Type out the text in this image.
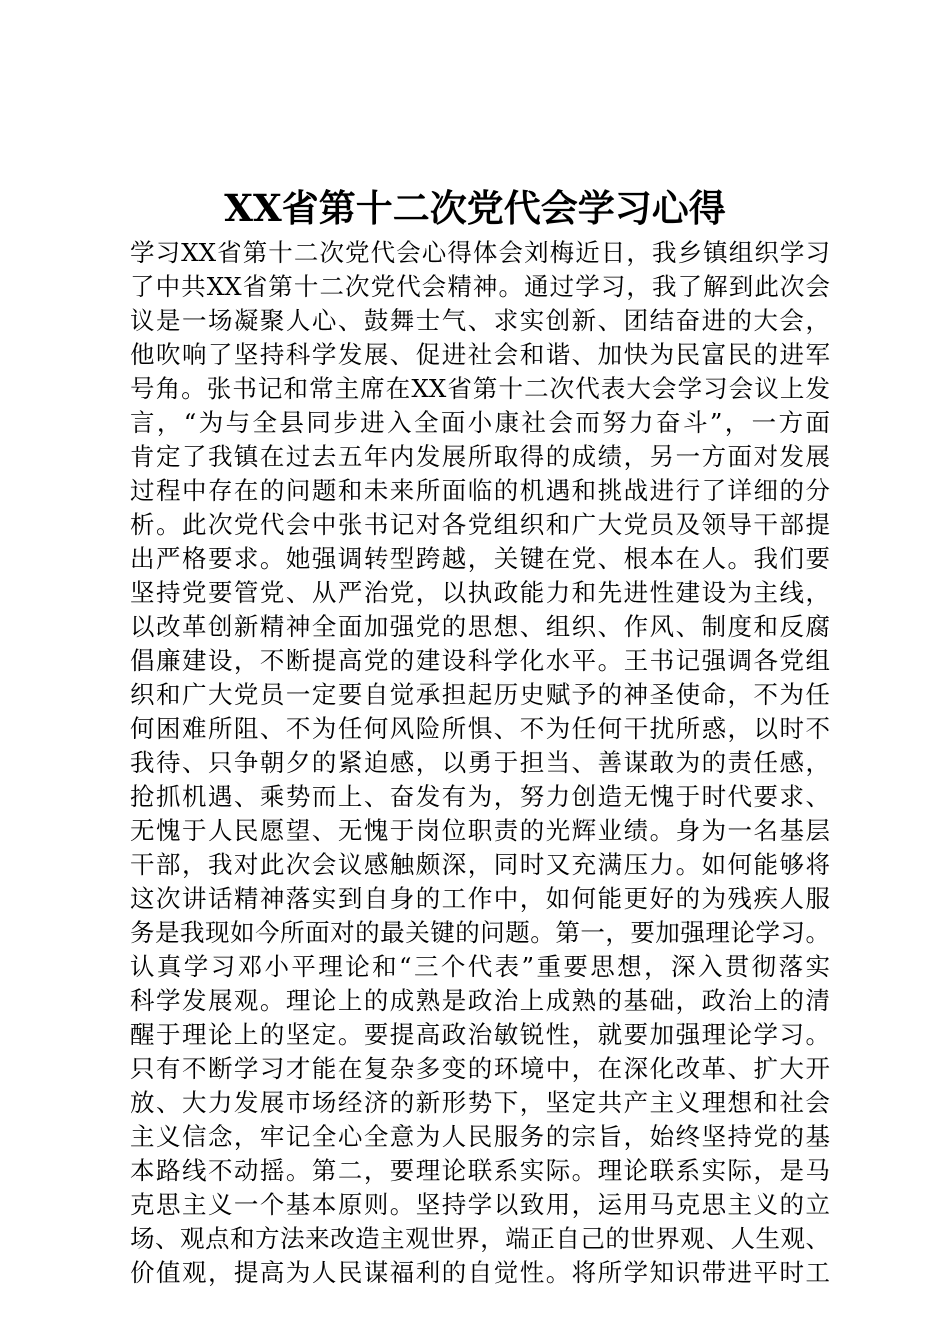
XX省第十二次党代会学习心得
学习XX省第十二次党代会心得体会刘梅近日，我乡镇组织学习
了中共XX省第十二次党代会精神。通过学习，我了解到此次会
议是一场凝聚人心、鼓舞士气、求实创新、团结奋进的大会，
他吹响了坚持科学发展、促进社会和谐、加快为民富民的进军
号角。张书记和常主席在XX省第十二次代表大会学习会议上发
言，“为与全县同步进入全面小康社会而努力奋斗”，一方面
肯定了我镇在过去五年内发展所取得的成绩，另一方面对发展
过程中存在的问题和未来所面临的机遇和挑战进行了详细的分
析。此次党代会中张书记对各党组织和广大党员及领导干部提
出严格要求。她强调转型跨越，关键在党、根本在人。我们要
坚持党要管党、从严治党，以执政能力和先进性建设为主线，
以改革创新精神全面加强党的思想、组织、作风、制度和反腐
倡廉建设，不断提高党的建设科学化水平。王书记强调各党组
织和广大党员一定要自觉承担起历史赋予的神圣使命，不为任
何困难所阻、不为任何风险所惧、不为任何干扰所惑，以时不
我待、只争朝夕的紧迫感，以勇于担当、善谋敢为的责任感，
抢抓机遇、乘势而上、奋发有为，努力创造无愧于时代要求、
无愧于人民愿望、无愧于岗位职责的光辉业绩。身为一名基层
干部，我对此次会议感触颇深，同时又充满压力。如何能够将
这次讲话精神落实到自身的工作中，如何能更好的为残疾人服
务是我现如今所面对的最关键的问题。第一，要加强理论学习。
认真学习邓小平理论和“三个代表”重要思想，深入贯彻落实
科学发展观。理论上的成熟是政治上成熟的基础，政治上的清
醒于理论上的坚定。要提高政治敏锐性，就要加强理论学习。
只有不断学习才能在复杂多变的环境中，在深化改革、扩大开
放、大力发展市场经济的新形势下，坚定共产主义理想和社会
主义信念，牢记全心全意为人民服务的宗旨，始终坚持党的基
本路线不动摇。第二，要理论联系实际。理论联系实际，是马
克思主义一个基本原则。坚持学以致用，运用马克思主义的立
场、观点和方法来改造主观世界，端正自己的世界观、人生观、
价值观，提高为人民谋福利的自觉性。将所学知识带进平时工
